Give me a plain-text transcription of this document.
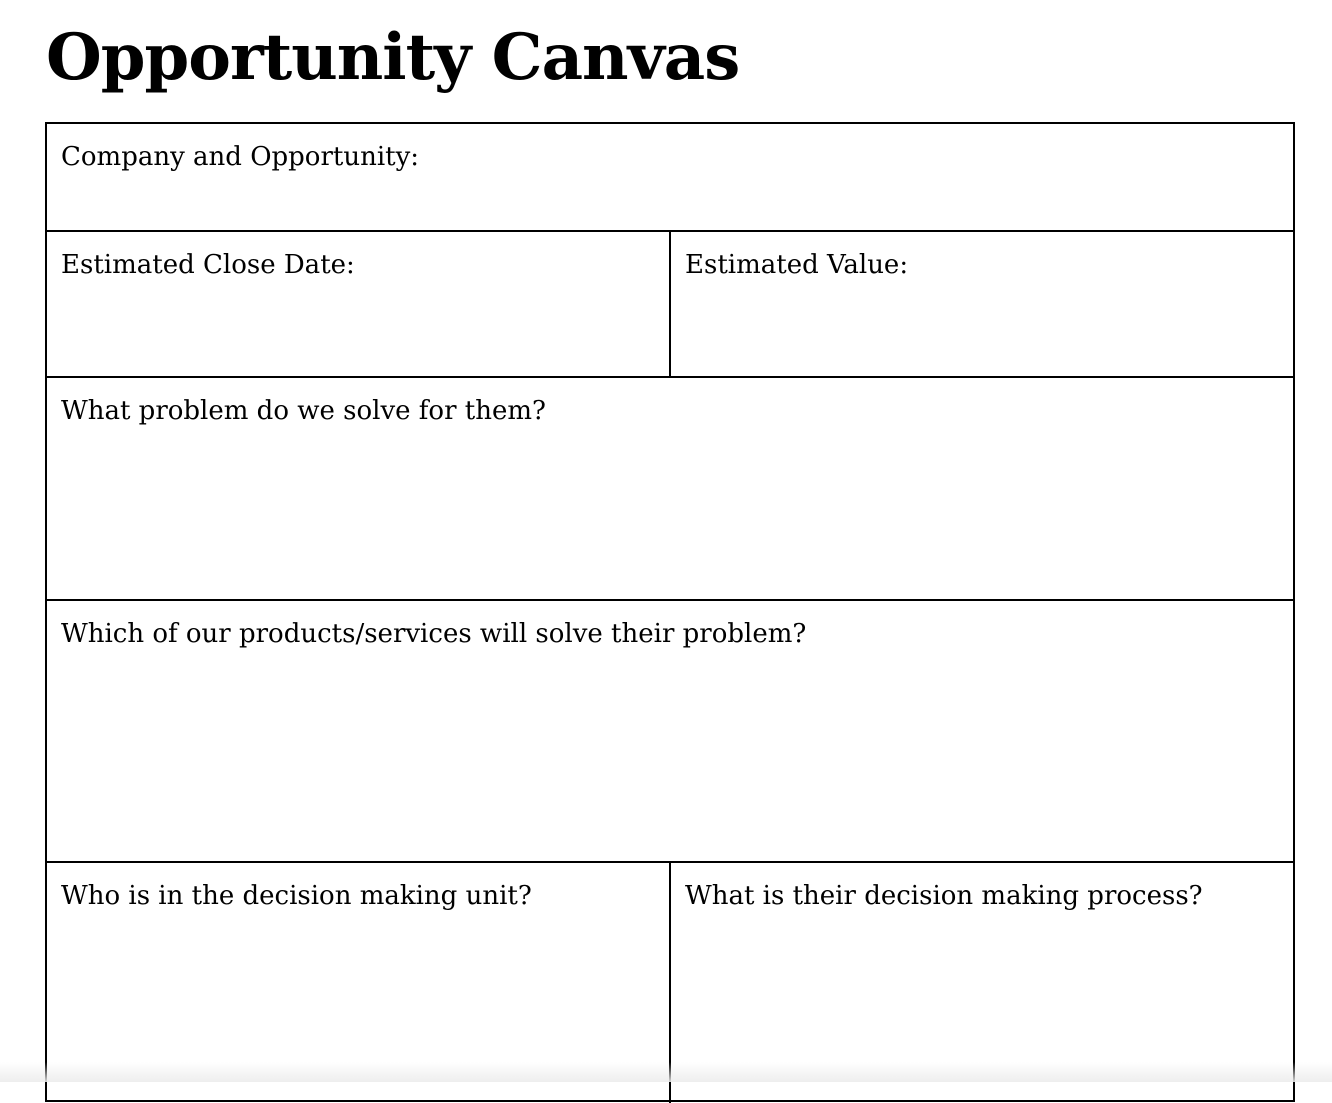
Opportunity Canvas
Company and Opportunity:
Estimated Close Date:	Estimated Value:
What problem do we solve for them?
Which of our products/services will solve their problem?
Who is in the decision making unit?	What is their decision making process?
